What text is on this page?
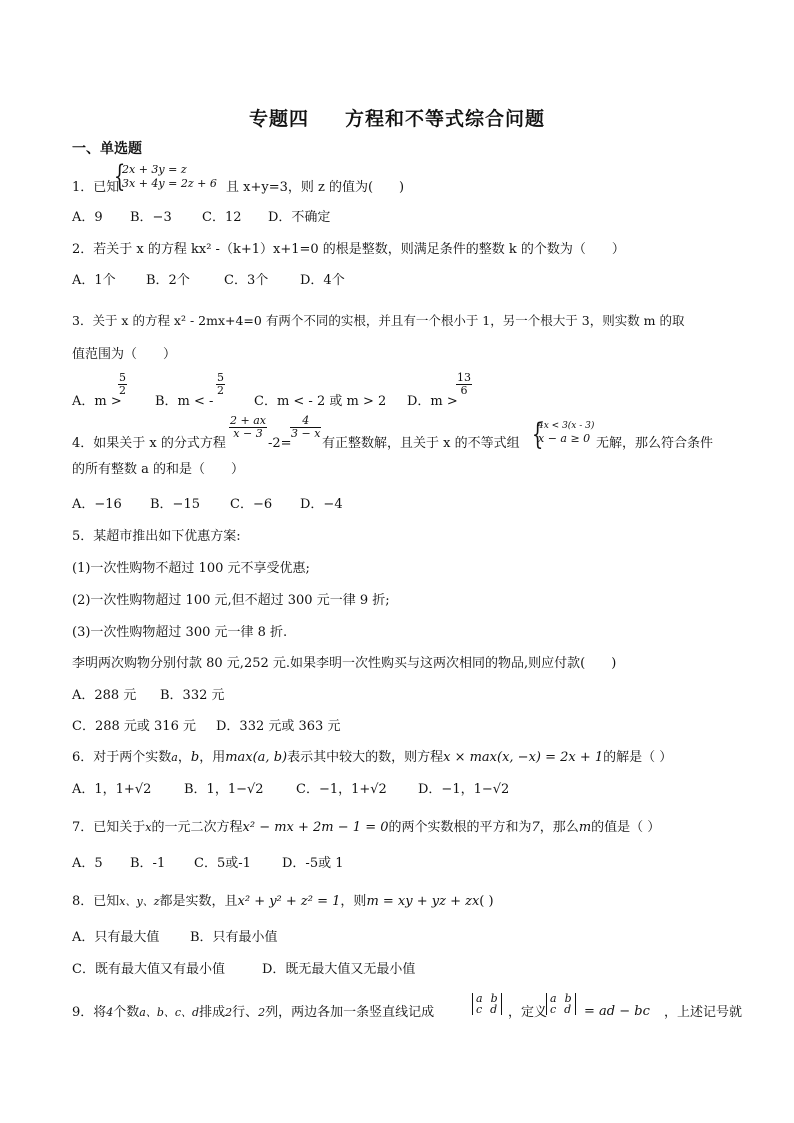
专题四 方程和不等式综合问题
一、单选题
1．已知
{
2x + 3y = z
3x + 4y = 2z + 6 且 x+y=3，则 z 的值为(　　)
A．9 B．−3 C．12 D．不确定
2．若关于 x 的方程 kx² -（k+1）x+1=0 的根是整数，则满足条件的整数 k 的个数为（　　）
A．1个 B．2个	C．3个 D．4个
3．关于 x 的方程 x² - 2mx+4=0 有两个不同的实根，并且有一个根小于 1，另一个根大于 3，则实数 m 的取
值范围为（　　）
A．m >
$\frac{5}{2}$
B．m < -
$\frac{5}{2}$
C．m < - 2 或 m > 2 D．m >
$\frac{13}{6}$
4．如果关于 x 的分式方程
$\frac{2 + ax}{x - 3}$
-2=
$\frac{4}{3 - x}$
有正整数解，且关于 x 的不等式组 {
4x < 3(x - 3)
x − a ≥ 0 无解，那么符合条件
的所有整数 a 的和是（　　）
A．−16 B．−15 C．−6 D．−4
5．某超市推出如下优惠方案:
(1)一次性购物不超过 100 元不享受优惠;
(2)一次性购物超过 100 元,但不超过 300 元一律 9 折;
(3)一次性购物超过 300 元一律 8 折.
李明两次购物分别付款 80 元,252 元.如果李明一次性购买与这两次相同的物品,则应付款(　　)
A．288 元 B．332 元
C．288 元或 316 元 D．332 元或 363 元
6．对于两个实数a，b，用max(a, b)表示其中较大的数，则方程x × max(x, −x) = 2x + 1的解是（ ）
A．1，1+√2	B．1，1−√2 C．−1，1+√2 D．−1，1−√2
7．已知关于x的一元二次方程x² − mx + 2m − 1 = 0的两个实数根的平方和为7，那么m的值是（ ）
A．5 B．-1 C．5或-1 D．-5或 1
8．已知x、y、z都是实数，且x² + y² + z² = 1，则m = xy + yz + zx( )
A．只有最大值 B．只有最小值
C．既有最大值又有最小值	D．既无最大值又无最小值
9．将4个数a、b、c、d排成2行、2列，两边各加一条竖直线记成
a b
c d ，定义
a b
c d = ad − bc ，上述记号就
